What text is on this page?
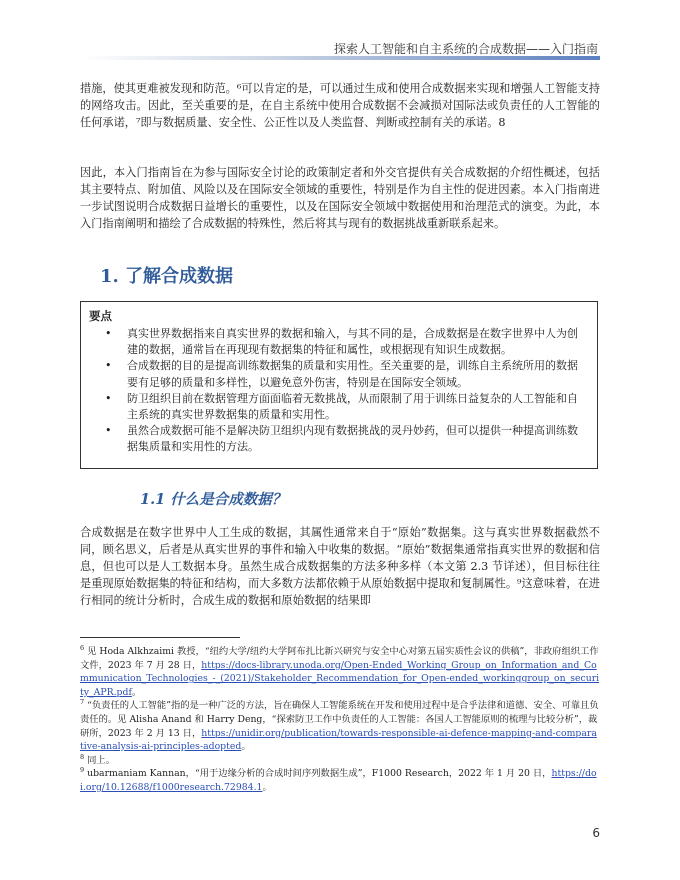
探索人工智能和自主系统的合成数据——入门指南

措施，使其更难被发现和防范。⁶可以肯定的是，可以通过生成和使用合成数据来实现和增强人工智能支持的网络攻击。因此，至关重要的是，在自主系统中使用合成数据不会减损对国际法或负责任的人工智能的任何承诺，⁷即与数据质量、安全性、公正性以及人类监督、判断或控制有关的承诺。8

因此，本入门指南旨在为参与国际安全讨论的政策制定者和外交官提供有关合成数据的介绍性概述，包括其主要特点、附加值、风险以及在国际安全领域的重要性，特别是作为自主性的促进因素。本入门指南进一步试图说明合成数据日益增长的重要性，以及在国际安全领域中数据使用和治理范式的演变。为此，本入门指南阐明和描绘了合成数据的特殊性，然后将其与现有的数据挑战重新联系起来。

1. 了解合成数据

要点

• 真实世界数据指来自真实世界的数据和输入，与其不同的是，合成数据是在数字世界中人为创建的数据，通常旨在再现现有数据集的特征和属性，或根据现有知识生成数据。
• 合成数据的目的是提高训练数据集的质量和实用性。至关重要的是，训练自主系统所用的数据要有足够的质量和多样性，以避免意外伤害，特别是在国际安全领域。
• 防卫组织目前在数据管理方面面临着无数挑战，从而限制了用于训练日益复杂的人工智能和自主系统的真实世界数据集的质量和实用性。
• 虽然合成数据可能不是解决防卫组织内现有数据挑战的灵丹妙药，但可以提供一种提高训练数据集质量和实用性的方法。
1.1 什么是合成数据？

合成数据是在数字世界中人工生成的数据，其属性通常来自于“原始”数据集。这与真实世界数据截然不同，顾名思义，后者是从真实世界的事件和输入中收集的数据。“原始”数据集通常指真实世界的数据和信息，但也可以是人工数据本身。虽然生成合成数据集的方法多种多样（本文第 2.3 节详述），但目标往往是重现原始数据集的特征和结构，而大多数方法都依赖于从原始数据中提取和复制属性。⁹这意味着，在进行相同的统计分析时，合成生成的数据和原始数据的结果即

$^6$ 见 Hoda Alkhzaimi 教授，“纽约大学/纽约大学阿布扎比新兴研究与安全中心对第五届实质性会议的供稿”，非政府组织工作文件，2023 年 7 月 28 日，https://docs-library.unoda.org/Open-Ended_Working_Group_on_Information_and_Communication_Technologies_-_(2021)/Stakeholder_Recommendation_for_Open-ended_workinggroup_on_security_APR.pdf。

$^7$ “负责任的人工智能”指的是一种广泛的方法，旨在确保人工智能系统在开发和使用过程中是合乎法律和道德、安全、可靠且负责任的。见 Alisha Anand 和 Harry Deng，“探索防卫工作中负责任的人工智能：各国人工智能原则的梳理与比较分析”，裁研所，2023 年 2 月 13 日，https://unidir.org/publication/towards-responsible-ai-defence-mapping-and-comparative-analysis-ai-principles-adopted。

$^8$ 同上。

$^9$ ubarmaniam Kannan，“用于边缘分析的合成时间序列数据生成”，F1000 Research，2022 年 1 月 20 日，https://doi.org/10.12688/f1000research.72984.1。

6
